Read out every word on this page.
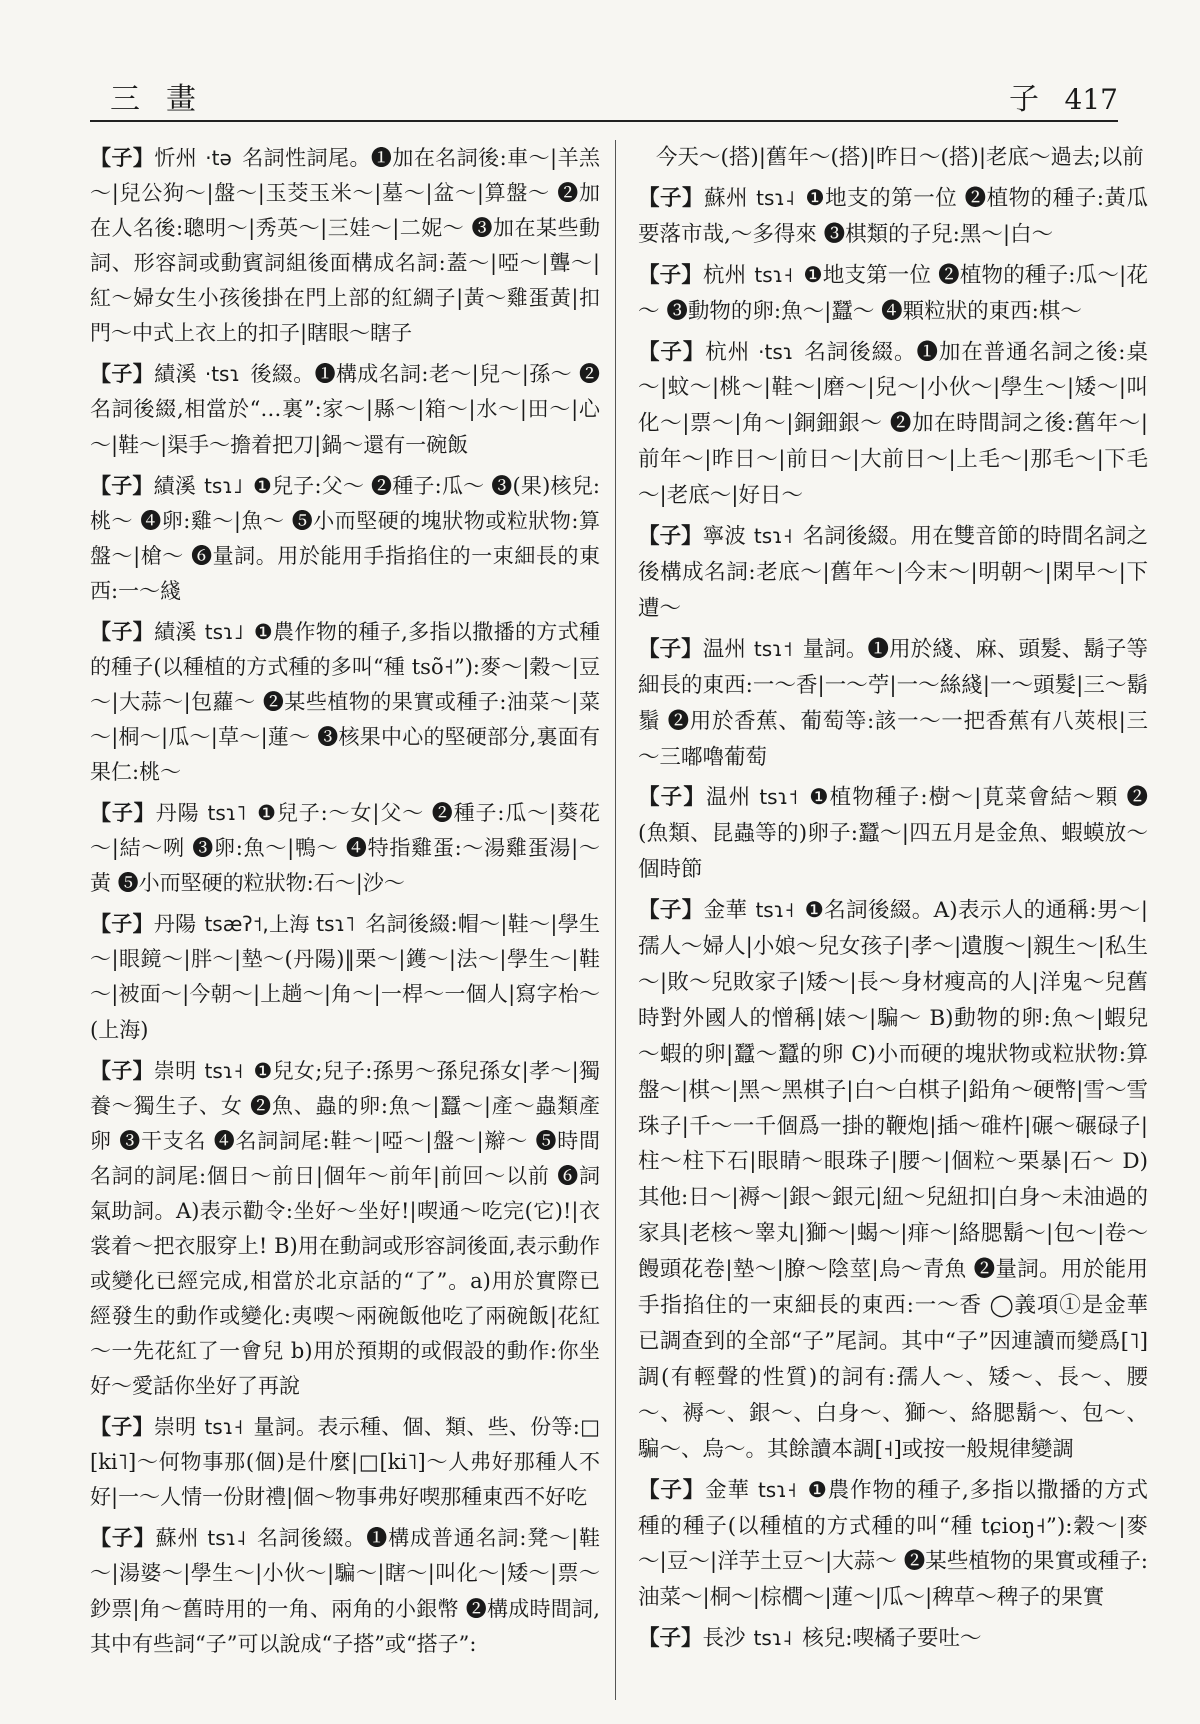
三畫	子 417

【子】忻州 ·tə 名詞性詞尾。❶加在名詞後:車～|羊羔～|兒公狗～|盤～|玉茭玉米～|墓～|盆～|算盤～ ❷加在人名後:聰明～|秀英～|三娃～|二妮～ ❸加在某些動詞、形容詞或動賓詞組後面構成名詞:蓋～|啞～|聾～|紅～婦女生小孩後掛在門上部的紅綢子|黃～雞蛋黃|扣門～中式上衣上的扣子|瞎眼～瞎子

【子】績溪 ·tsɿ 後綴。❶構成名詞:老～|兒～|孫～ ❷名詞後綴,相當於“…裏”:家～|縣～|箱～|水～|田～|心～|鞋～|渠手～擔着把刀|鍋～還有一碗飯

【子】績溪 tsɿ˩ ❶兒子:父～ ❷種子:瓜～ ❸(果)核兒:桃～ ❹卵:雞～|魚～ ❺小而堅硬的塊狀物或粒狀物:算盤～|槍～ ❻量詞。用於能用手指掐住的一束細長的東西:一～綫

【子】績溪 tsɿ˩ ❶農作物的種子,多指以撒播的方式種的種子(以種植的方式種的多叫“種 tsõ˧”):麥～|穀～|豆～|大蒜～|包蘿～ ❷某些植物的果實或種子:油菜～|菜～|桐～|瓜～|草～|蓮～ ❸核果中心的堅硬部分,裏面有果仁:桃～

【子】丹陽 tsɿ˥ ❶兒子:～女|父～ ❷種子:瓜～|葵花～|結～咧 ❸卵:魚～|鴨～ ❹特指雞蛋:～湯雞蛋湯|～黃 ❺小而堅硬的粒狀物:石～|沙～

【子】丹陽 tsæʔ˦,上海 tsɿ˥ 名詞後綴:帽～|鞋～|學生～|眼鏡～|胖～|墊～(丹陽)‖栗～|鑊～|法～|學生～|鞋～|被面～|今朝～|上趟～|角～|一桿～一個人|寫字枱～(上海)

【子】崇明 tsɿ˧ ❶兒女;兒子:孫男～孫兒孫女|孝～|獨養～獨生子、女 ❷魚、蟲的卵:魚～|蠶～|產～蟲類產卵 ❸干支名 ❹名詞詞尾:鞋～|啞～|盤～|辮～ ❺時間名詞的詞尾:個日～前日|個年～前年|前回～以前 ❻詞氣助詞。A)表示勸令:坐好～坐好!|喫通～吃完(它)!|衣裳着～把衣服穿上! B)用在動詞或形容詞後面,表示動作或變化已經完成,相當於北京話的“了”。a)用於實際已經發生的動作或變化:夷喫～兩碗飯他吃了兩碗飯|花紅～一先花紅了一會兒 b)用於預期的或假設的動作:你坐好～愛話你坐好了再說

【子】崇明 tsɿ˧ 量詞。表示種、個、類、些、份等:□[ki˥]～何物事那(個)是什麼|□[ki˥]～人弗好那種人不好|一～人情一份財禮|個～物事弗好喫那種東西不好吃

【子】蘇州 tsɿ˨ 名詞後綴。❶構成普通名詞:凳～|鞋～|湯婆～|學生～|小伙～|騙～|瞎～|叫化～|矮～|票～鈔票|角～舊時用的一角、兩角的小銀幣 ❷構成時間詞,其中有些詞“子”可以說成“子搭”或“搭子”:

今天～(搭)|舊年～(搭)|昨日～(搭)|老底～過去;以前

【子】蘇州 tsɿ˨ ❶地支的第一位 ❷植物的種子:黃瓜要落市哉,～多得來 ❸棋類的子兒:黑～|白～

【子】杭州 tsɿ˧ ❶地支第一位 ❷植物的種子:瓜～|花～ ❸動物的卵:魚～|蠶～ ❹顆粒狀的東西:棋～

【子】杭州 ·tsɿ 名詞後綴。❶加在普通名詞之後:桌～|蚊～|桃～|鞋～|磨～|兒～|小伙～|學生～|矮～|叫化～|票～|角～|銅鈿銀～ ❷加在時間詞之後:舊年～|前年～|昨日～|前日～|大前日～|上毛～|那毛～|下毛～|老底～|好日～

【子】寧波 tsɿ˧ 名詞後綴。用在雙音節的時間名詞之後構成名詞:老底～|舊年～|今末～|明朝～|閑早～|下遭～

【子】温州 tsɿ˦ 量詞。❶用於綫、麻、頭髮、鬍子等細長的東西:一～香|一～苧|一～絲綫|一～頭髮|三～鬍鬚 ❷用於香蕉、葡萄等:該一～一把香蕉有八莢根|三～三嘟嚕葡萄

【子】温州 tsɿ˦ ❶植物種子:樹～|莧菜會結～顆 ❷(魚類、昆蟲等的)卵子:蠶～|四五月是金魚、蝦蟆放～個時節

【子】金華 tsɿ˧ ❶名詞後綴。A)表示人的通稱:男～|孺人～婦人|小娘～兒女孩子|孝～|遺腹～|親生～|私生～|敗～兒敗家子|矮～|長～身材瘦高的人|洋鬼～兒舊時對外國人的憎稱|婊～|騙～ B)動物的卵:魚～|蝦兒～蝦的卵|蠶～蠶的卵 C)小而硬的塊狀物或粒狀物:算盤～|棋～|黑～黑棋子|白～白棋子|鉛角～硬幣|雪～雪珠子|千～一千個爲一掛的鞭炮|插～碓杵|碾～碾碌子|柱～柱下石|眼睛～眼珠子|腰～|個粒～栗暴|石～ D)其他:日～|褥～|銀～銀元|紐～兒紐扣|白身～未油過的家具|老核～睾丸|獅～|蝎～|痱～|絡腮鬍～|包～|卷～饅頭花卷|墊～|膫～陰莖|烏～青魚 ❷量詞。用於能用手指掐住的一束細長的東西:一～香 ◯義項①是金華已調查到的全部“子”尾詞。其中“子”因連讀而變爲[˥]調(有輕聲的性質)的詞有:孺人～、矮～、長～、腰～、褥～、銀～、白身～、獅～、絡腮鬍～、包～、騙～、烏～。其餘讀本調[˧]或按一般規律變調

【子】金華 tsɿ˧ ❶農作物的種子,多指以撒播的方式種的種子(以種植的方式種的叫“種 tɕioŋ˧”):穀～|麥～|豆～|洋芋土豆～|大蒜～ ❷某些植物的果實或種子:油菜～|桐～|棕櫚～|蓮～|瓜～|稗草～稗子的果實

【子】長沙 tsɿ˨ 核兒:喫橘子要吐～
